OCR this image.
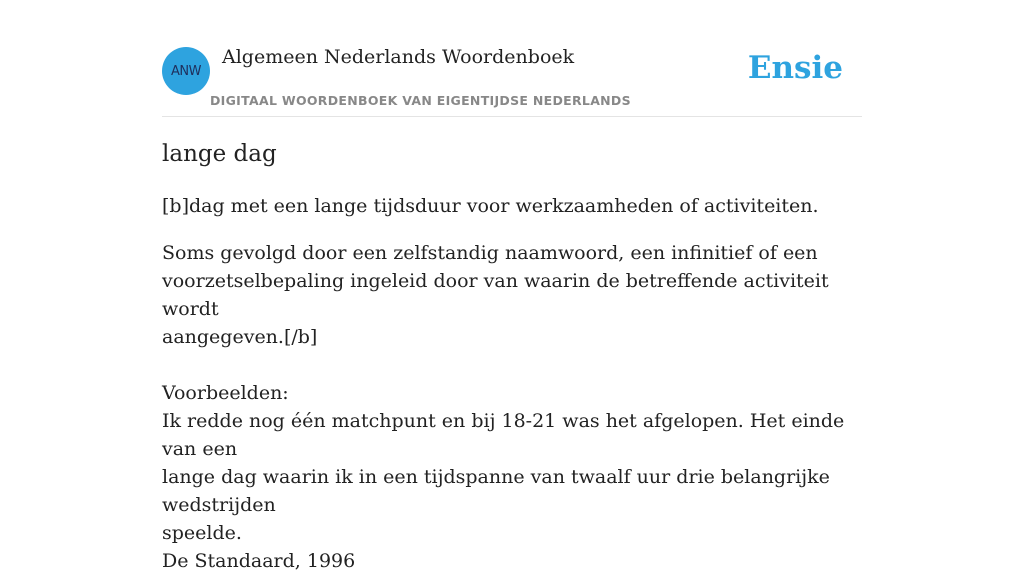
ANW
Algemeen Nederlands Woordenboek
DIGITAAL WOORDENBOEK VAN EIGENTIJDSE NEDERLANDS
Ensie
lange dag

[b]dag met een lange tijdsduur voor werkzaamheden of activiteiten.

Soms gevolgd door een zelfstandig naamwoord, een infinitief of een
voorzetselbepaling ingeleid door van waarin de betreffende activiteit wordt
aangegeven.[/b]
Voorbeelden:
Ik redde nog één matchpunt en bij 18-21 was het afgelopen. Het einde van een
lange dag waarin ik in een tijdspanne van twaalf uur drie belangrijke wedstrijden
speelde.
De Standaard, 1996
